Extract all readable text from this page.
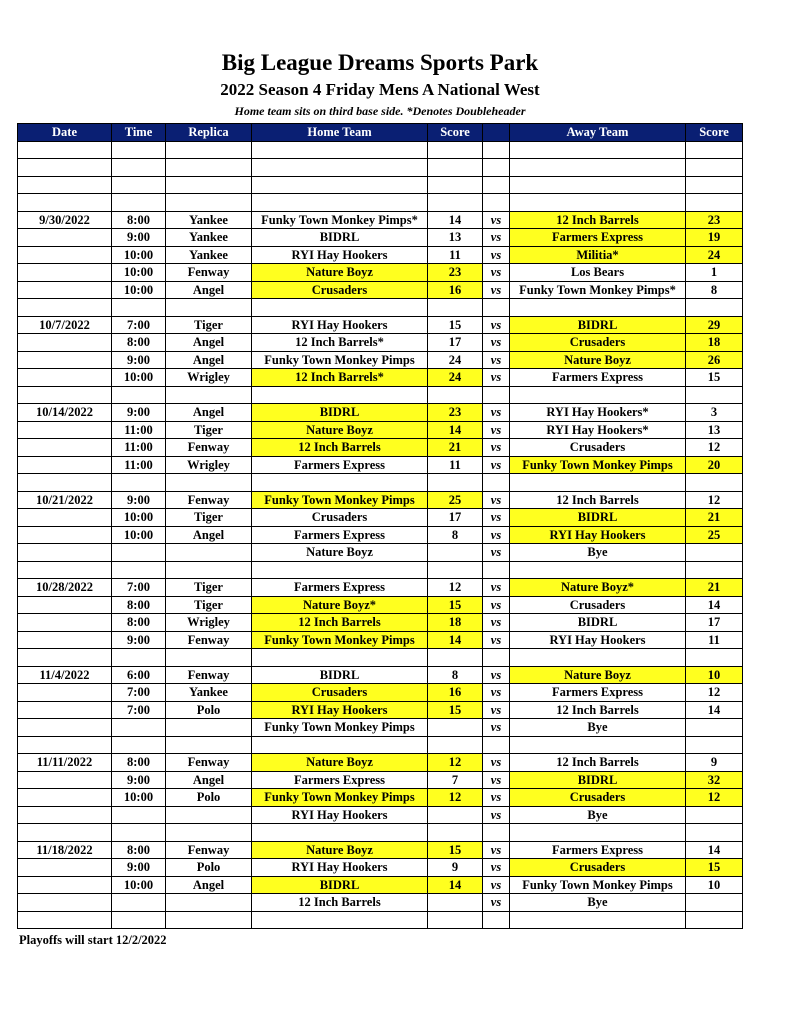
Big League Dreams Sports Park
2022 Season 4 Friday Mens A National West
Home team sits on third base side. *Denotes Doubleheader
Date	Time	Replica	Home Team	Score		Away Team	Score

9/30/2022	8:00	Yankee	Funky Town Monkey Pimps*	14	vs	12 Inch Barrels	23
	9:00	Yankee	BIDRL	13	vs	Farmers Express	19
	10:00	Yankee	RYI Hay Hookers	11	vs	Militia*	24
	10:00	Fenway	Nature Boyz	23	vs	Los Bears	1
	10:00	Angel	Crusaders	16	vs	Funky Town Monkey Pimps*	8

10/7/2022	7:00	Tiger	RYI Hay Hookers	15	vs	BIDRL	29
	8:00	Angel	12 Inch Barrels*	17	vs	Crusaders	18
	9:00	Angel	Funky Town Monkey Pimps	24	vs	Nature Boyz	26
	10:00	Wrigley	12 Inch Barrels*	24	vs	Farmers Express	15

10/14/2022	9:00	Angel	BIDRL	23	vs	RYI Hay Hookers*	3
	11:00	Tiger	Nature Boyz	14	vs	RYI Hay Hookers*	13
	11:00	Fenway	12 Inch Barrels	21	vs	Crusaders	12
	11:00	Wrigley	Farmers Express	11	vs	Funky Town Monkey Pimps	20

10/21/2022	9:00	Fenway	Funky Town Monkey Pimps	25	vs	12 Inch Barrels	12
	10:00	Tiger	Crusaders	17	vs	BIDRL	21
	10:00	Angel	Farmers Express	8	vs	RYI Hay Hookers	25
			Nature Boyz		vs	Bye	

10/28/2022	7:00	Tiger	Farmers Express	12	vs	Nature Boyz*	21
	8:00	Tiger	Nature Boyz*	15	vs	Crusaders	14
	8:00	Wrigley	12 Inch Barrels	18	vs	BIDRL	17
	9:00	Fenway	Funky Town Monkey Pimps	14	vs	RYI Hay Hookers	11

11/4/2022	6:00	Fenway	BIDRL	8	vs	Nature Boyz	10
	7:00	Yankee	Crusaders	16	vs	Farmers Express	12
	7:00	Polo	RYI Hay Hookers	15	vs	12 Inch Barrels	14
			Funky Town Monkey Pimps		vs	Bye	

11/11/2022	8:00	Fenway	Nature Boyz	12	vs	12 Inch Barrels	9
	9:00	Angel	Farmers Express	7	vs	BIDRL	32
	10:00	Polo	Funky Town Monkey Pimps	12	vs	Crusaders	12
			RYI Hay Hookers		vs	Bye	

11/18/2022	8:00	Fenway	Nature Boyz	15	vs	Farmers Express	14
	9:00	Polo	RYI Hay Hookers	9	vs	Crusaders	15
	10:00	Angel	BIDRL	14	vs	Funky Town Monkey Pimps	10
			12 Inch Barrels		vs	Bye	

Playoffs will start 12/2/2022
